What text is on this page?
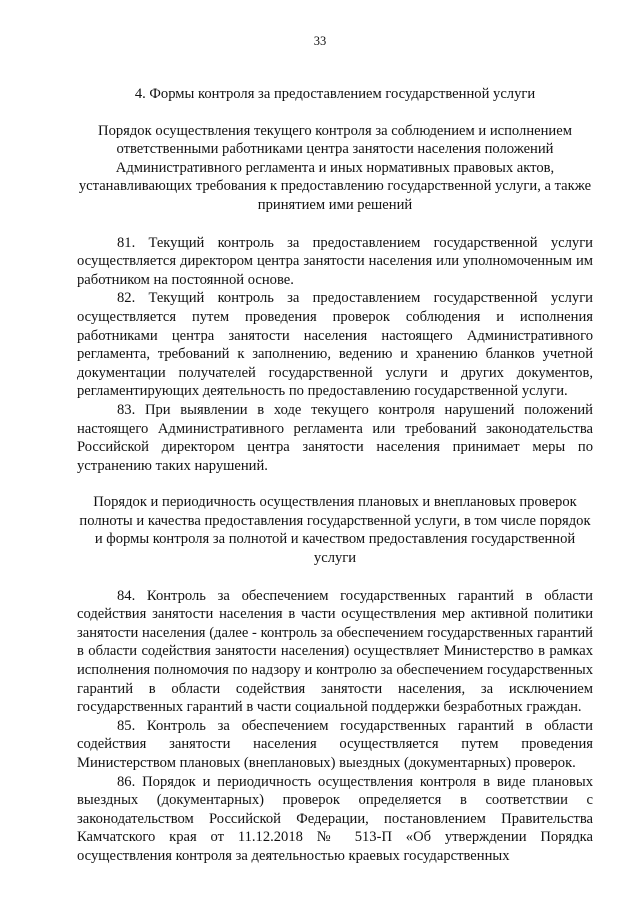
33

4. Формы контроля за предоставлением государственной услуги

Порядок осуществления текущего контроля за соблюдением и исполнением ответственными работниками центра занятости населения положений Административного регламента и иных нормативных правовых актов, устанавливающих требования к предоставлению государственной услуги, а также принятием ими решений

81. Текущий контроль за предоставлением государственной услуги осуществляется директором центра занятости населения или уполномоченным им работником на постоянной основе.

82. Текущий контроль за предоставлением государственной услуги осуществляется путем проведения проверок соблюдения и исполнения работниками центра занятости населения настоящего Административного регламента, требований к заполнению, ведению и хранению бланков учетной документации получателей государственной услуги и других документов, регламентирующих деятельность по предоставлению государственной услуги.

83. При выявлении в ходе текущего контроля нарушений положений настоящего Административного регламента или требований законодательства Российской директором центра занятости населения принимает меры по устранению таких нарушений.

Порядок и периодичность осуществления плановых и внеплановых проверок полноты и качества предоставления государственной услуги, в том числе порядок и формы контроля за полнотой и качеством предоставления государственной услуги

84. Контроль за обеспечением государственных гарантий в области содействия занятости населения в части осуществления мер активной политики занятости населения (далее - контроль за обеспечением государственных гарантий в области содействия занятости населения) осуществляет Министерство в рамках исполнения полномочия по надзору и контролю за обеспечением государственных гарантий в области содействия занятости населения, за исключением государственных гарантий в части социальной поддержки безработных граждан.

85. Контроль за обеспечением государственных гарантий в области содействия занятости населения осуществляется путем проведения Министерством плановых (внеплановых) выездных (документарных) проверок.

86. Порядок и периодичность осуществления контроля в виде плановых выездных (документарных) проверок определяется в соответствии с законодательством Российской Федерации, постановлением Правительства Камчатского края от 11.12.2018 № 513-П «Об утверждении Порядка осуществления контроля за деятельностью краевых государственных
